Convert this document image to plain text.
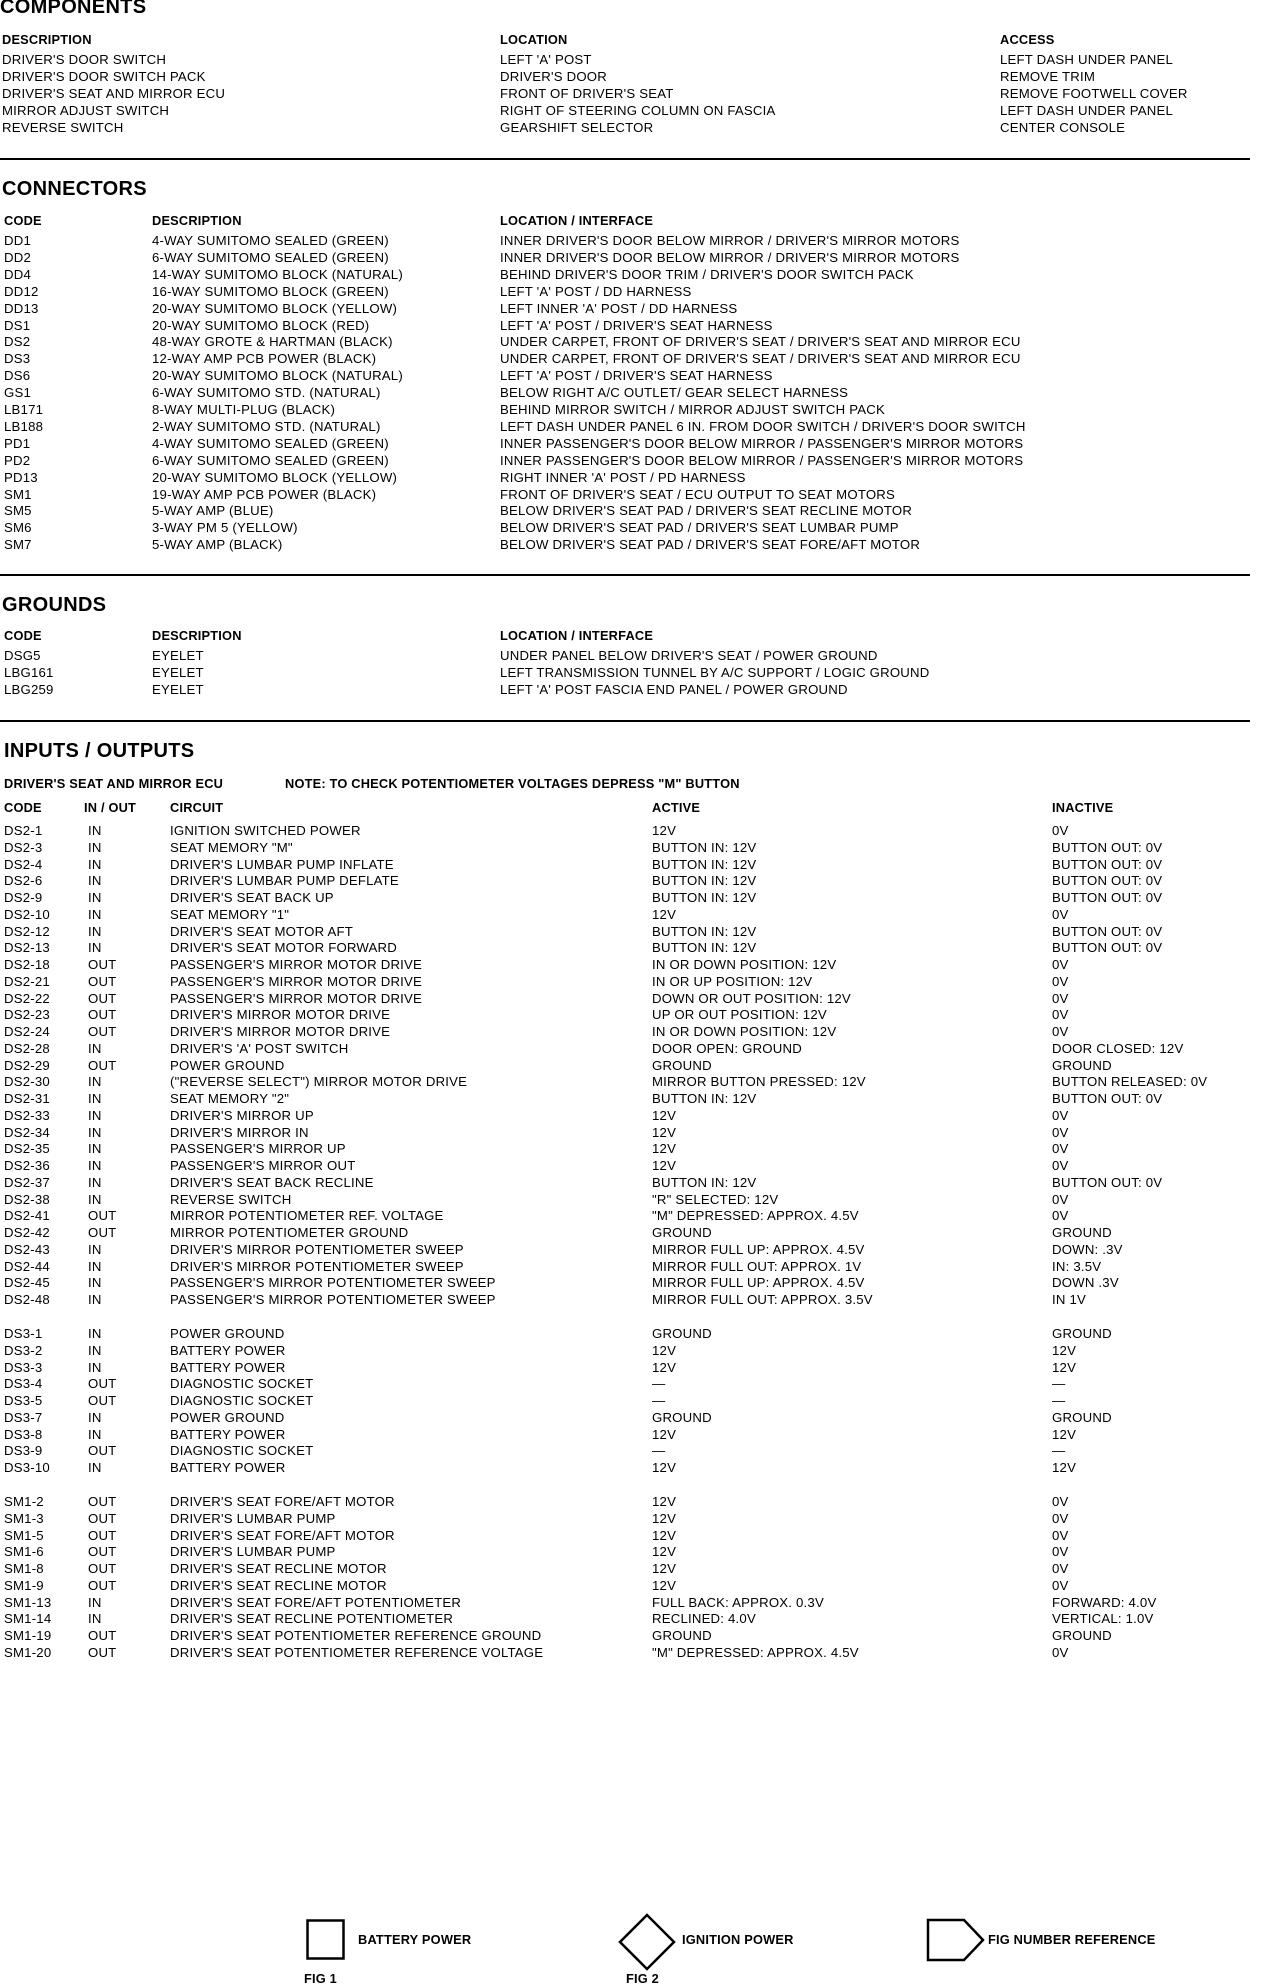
COMPONENTS
DESCRIPTION	LOCATION	ACCESS
DRIVER'S DOOR SWITCH	LEFT 'A' POST	LEFT DASH UNDER PANEL
DRIVER'S DOOR SWITCH PACK	DRIVER'S DOOR	REMOVE TRIM
DRIVER'S SEAT AND MIRROR ECU	FRONT OF DRIVER'S SEAT	REMOVE FOOTWELL COVER
MIRROR ADJUST SWITCH	RIGHT OF STEERING COLUMN ON FASCIA	LEFT DASH UNDER PANEL
REVERSE SWITCH	GEARSHIFT SELECTOR	CENTER CONSOLE
CONNECTORS
CODE	DESCRIPTION	LOCATION / INTERFACE
DD1	4-WAY SUMITOMO SEALED (GREEN)	INNER DRIVER'S DOOR BELOW MIRROR / DRIVER'S MIRROR MOTORS
DD2	6-WAY SUMITOMO SEALED (GREEN)	INNER DRIVER'S DOOR BELOW MIRROR / DRIVER'S MIRROR MOTORS
DD4	14-WAY SUMITOMO BLOCK (NATURAL)	BEHIND DRIVER'S DOOR TRIM / DRIVER'S DOOR SWITCH PACK
DD12	16-WAY SUMITOMO BLOCK (GREEN)	LEFT 'A' POST / DD HARNESS
DD13	20-WAY SUMITOMO BLOCK (YELLOW)	LEFT INNER 'A' POST / DD HARNESS
DS1	20-WAY SUMITOMO BLOCK (RED)	LEFT 'A' POST / DRIVER'S SEAT HARNESS
DS2	48-WAY GROTE & HARTMAN (BLACK)	UNDER CARPET, FRONT OF DRIVER'S SEAT / DRIVER'S SEAT AND MIRROR ECU
DS3	12-WAY AMP PCB POWER (BLACK)	UNDER CARPET, FRONT OF DRIVER'S SEAT / DRIVER'S SEAT AND MIRROR ECU
DS6	20-WAY SUMITOMO BLOCK (NATURAL)	LEFT 'A' POST / DRIVER'S SEAT HARNESS
GS1	6-WAY SUMITOMO STD. (NATURAL)	BELOW RIGHT A/C OUTLET/ GEAR SELECT HARNESS
LB171	8-WAY MULTI-PLUG (BLACK)	BEHIND MIRROR SWITCH / MIRROR ADJUST SWITCH PACK
LB188	2-WAY SUMITOMO STD. (NATURAL)	LEFT DASH UNDER PANEL 6 IN. FROM DOOR SWITCH / DRIVER'S DOOR SWITCH
PD1	4-WAY SUMITOMO SEALED (GREEN)	INNER PASSENGER'S DOOR BELOW MIRROR / PASSENGER'S MIRROR MOTORS
PD2	6-WAY SUMITOMO SEALED (GREEN)	INNER PASSENGER'S DOOR BELOW MIRROR / PASSENGER'S MIRROR MOTORS
PD13	20-WAY SUMITOMO BLOCK (YELLOW)	RIGHT INNER 'A' POST / PD HARNESS
SM1	19-WAY AMP PCB POWER (BLACK)	FRONT OF DRIVER'S SEAT / ECU OUTPUT TO SEAT MOTORS
SM5	5-WAY AMP (BLUE)	BELOW DRIVER'S SEAT PAD / DRIVER'S SEAT RECLINE MOTOR
SM6	3-WAY PM 5 (YELLOW)	BELOW DRIVER'S SEAT PAD / DRIVER'S SEAT LUMBAR PUMP
SM7	5-WAY AMP (BLACK)	BELOW DRIVER'S SEAT PAD / DRIVER'S SEAT FORE/AFT MOTOR
GROUNDS
CODE	DESCRIPTION	LOCATION / INTERFACE
DSG5	EYELET	UNDER PANEL BELOW DRIVER'S SEAT / POWER GROUND
LBG161	EYELET	LEFT TRANSMISSION TUNNEL BY A/C SUPPORT / LOGIC GROUND
LBG259	EYELET	LEFT 'A' POST FASCIA END PANEL / POWER GROUND
INPUTS / OUTPUTS
DRIVER'S SEAT AND MIRROR ECU	NOTE: TO CHECK POTENTIOMETER VOLTAGES DEPRESS "M" BUTTON
CODE	IN / OUT	CIRCUIT	ACTIVE	INACTIVE
DS2-1	IN	IGNITION SWITCHED POWER	12V	0V
DS2-3	IN	SEAT MEMORY "M"	BUTTON IN: 12V	BUTTON OUT: 0V
DS2-4	IN	DRIVER'S LUMBAR PUMP INFLATE	BUTTON IN: 12V	BUTTON OUT: 0V
DS2-6	IN	DRIVER'S LUMBAR PUMP DEFLATE	BUTTON IN: 12V	BUTTON OUT: 0V
DS2-9	IN	DRIVER'S SEAT BACK UP	BUTTON IN: 12V	BUTTON OUT: 0V
DS2-10	IN	SEAT MEMORY "1"	12V	0V
DS2-12	IN	DRIVER'S SEAT MOTOR AFT	BUTTON IN: 12V	BUTTON OUT: 0V
DS2-13	IN	DRIVER'S SEAT MOTOR FORWARD	BUTTON IN: 12V	BUTTON OUT: 0V
DS2-18	OUT	PASSENGER'S MIRROR MOTOR DRIVE	IN OR DOWN POSITION: 12V	0V
DS2-21	OUT	PASSENGER'S MIRROR MOTOR DRIVE	IN OR UP POSITION: 12V	0V
DS2-22	OUT	PASSENGER'S MIRROR MOTOR DRIVE	DOWN OR OUT POSITION: 12V	0V
DS2-23	OUT	DRIVER'S MIRROR MOTOR DRIVE	UP OR OUT POSITION: 12V	0V
DS2-24	OUT	DRIVER'S MIRROR MOTOR DRIVE	IN OR DOWN POSITION: 12V	0V
DS2-28	IN	DRIVER'S 'A' POST SWITCH	DOOR OPEN: GROUND	DOOR CLOSED: 12V
DS2-29	OUT	POWER GROUND	GROUND	GROUND
DS2-30	IN	("REVERSE SELECT") MIRROR MOTOR DRIVE	MIRROR BUTTON PRESSED: 12V	BUTTON RELEASED: 0V
DS2-31	IN	SEAT MEMORY "2"	BUTTON IN: 12V	BUTTON OUT: 0V
DS2-33	IN	DRIVER'S MIRROR UP	12V	0V
DS2-34	IN	DRIVER'S MIRROR IN	12V	0V
DS2-35	IN	PASSENGER'S MIRROR UP	12V	0V
DS2-36	IN	PASSENGER'S MIRROR OUT	12V	0V
DS2-37	IN	DRIVER'S SEAT BACK RECLINE	BUTTON IN: 12V	BUTTON OUT: 0V
DS2-38	IN	REVERSE SWITCH	"R" SELECTED: 12V	0V
DS2-41	OUT	MIRROR POTENTIOMETER REF. VOLTAGE	"M" DEPRESSED: APPROX. 4.5V	0V
DS2-42	OUT	MIRROR POTENTIOMETER GROUND	GROUND	GROUND
DS2-43	IN	DRIVER'S MIRROR POTENTIOMETER SWEEP	MIRROR FULL UP: APPROX. 4.5V	DOWN: .3V
DS2-44	IN	DRIVER'S MIRROR POTENTIOMETER SWEEP	MIRROR FULL OUT: APPROX. 1V	IN: 3.5V
DS2-45	IN	PASSENGER'S MIRROR POTENTIOMETER SWEEP	MIRROR FULL UP: APPROX. 4.5V	DOWN .3V
DS2-48	IN	PASSENGER'S MIRROR POTENTIOMETER SWEEP	MIRROR FULL OUT: APPROX. 3.5V	IN 1V
DS3-1	IN	POWER GROUND	GROUND	GROUND
DS3-2	IN	BATTERY POWER	12V	12V
DS3-3	IN	BATTERY POWER	12V	12V
DS3-4	OUT	DIAGNOSTIC SOCKET	—	—
DS3-5	OUT	DIAGNOSTIC SOCKET	—	—
DS3-7	IN	POWER GROUND	GROUND	GROUND
DS3-8	IN	BATTERY POWER	12V	12V
DS3-9	OUT	DIAGNOSTIC SOCKET	—	—
DS3-10	IN	BATTERY POWER	12V	12V
SM1-2	OUT	DRIVER'S SEAT FORE/AFT MOTOR	12V	0V
SM1-3	OUT	DRIVER'S LUMBAR PUMP	12V	0V
SM1-5	OUT	DRIVER'S SEAT FORE/AFT MOTOR	12V	0V
SM1-6	OUT	DRIVER'S LUMBAR PUMP	12V	0V
SM1-8	OUT	DRIVER'S SEAT RECLINE MOTOR	12V	0V
SM1-9	OUT	DRIVER'S SEAT RECLINE MOTOR	12V	0V
SM1-13	IN	DRIVER'S SEAT FORE/AFT POTENTIOMETER	FULL BACK: APPROX. 0.3V	FORWARD: 4.0V
SM1-14	IN	DRIVER'S SEAT RECLINE POTENTIOMETER	RECLINED: 4.0V	VERTICAL: 1.0V
SM1-19	OUT	DRIVER'S SEAT POTENTIOMETER REFERENCE GROUND	GROUND	GROUND
SM1-20	OUT	DRIVER'S SEAT POTENTIOMETER REFERENCE VOLTAGE	"M" DEPRESSED: APPROX. 4.5V	0V
BATTERY POWER	IGNITION POWER	FIG NUMBER REFERENCE
FIG 1	FIG 2
